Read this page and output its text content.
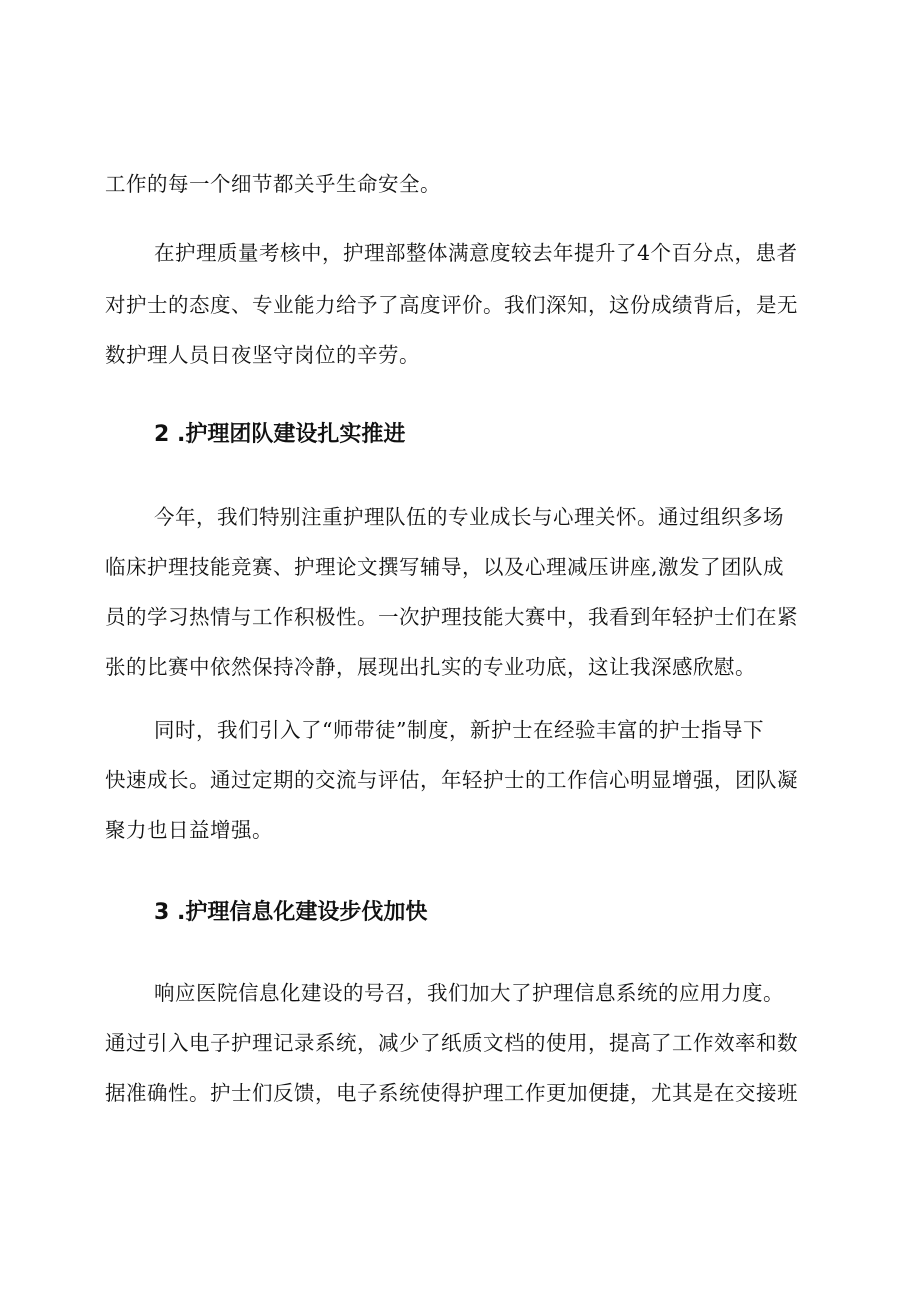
工作的每一个细节都关乎生命安全。
在护理质量考核中，护理部整体满意度较去年提升了4个百分点，患者
对护士的态度、专业能力给予了高度评价。我们深知，这份成绩背后，是无
数护理人员日夜坚守岗位的辛劳。
2 .护理团队建设扎实推进
今年，我们特别注重护理队伍的专业成长与心理关怀。通过组织多场
临床护理技能竞赛、护理论文撰写辅导，以及心理减压讲座,激发了团队成
员的学习热情与工作积极性。一次护理技能大赛中，我看到年轻护士们在紧
张的比赛中依然保持冷静，展现出扎实的专业功底，这让我深感欣慰。
同时，我们引入了“师带徒”制度，新护士在经验丰富的护士指导下
快速成长。通过定期的交流与评估，年轻护士的工作信心明显增强，团队凝
聚力也日益增强。
3 .护理信息化建设步伐加快
响应医院信息化建设的号召，我们加大了护理信息系统的应用力度。
通过引入电子护理记录系统，减少了纸质文档的使用，提高了工作效率和数
据准确性。护士们反馈，电子系统使得护理工作更加便捷，尤其是在交接班
